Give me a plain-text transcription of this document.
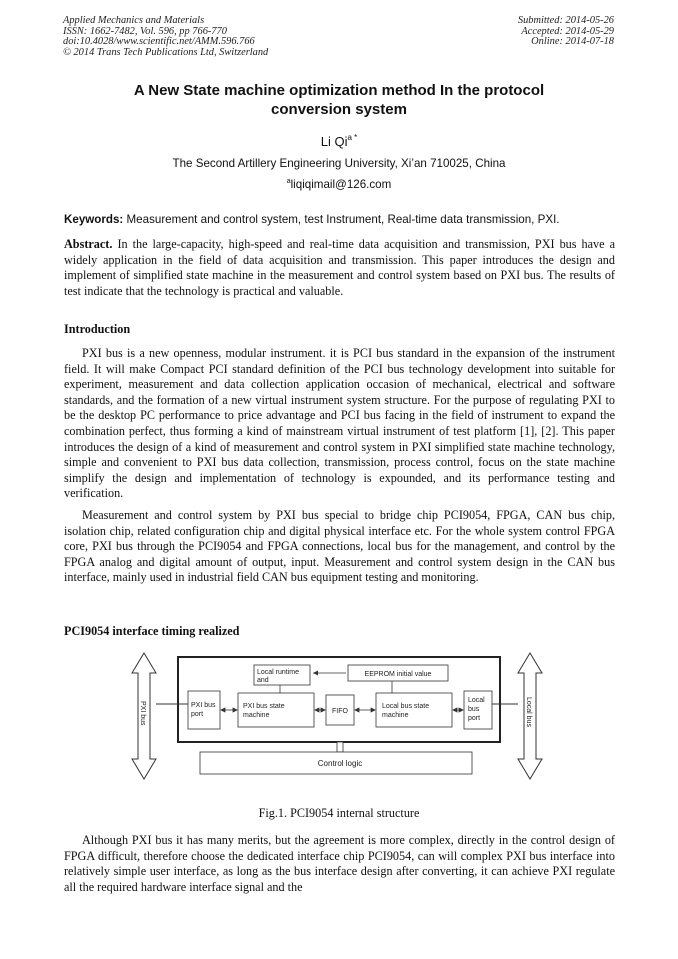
Applied Mechanics and Materials
ISSN: 1662-7482, Vol. 596, pp 766-770
doi:10.4028/www.scientific.net/AMM.596.766
© 2014 Trans Tech Publications Ltd, Switzerland
Submitted: 2014-05-26
Accepted: 2014-05-29
Online: 2014-07-18
A New State machine optimization method In the protocol
conversion system
Li $Qi^{a *}$
The Second Artillery Engineering University, Xi’an 710025, China
$^a$liqiqimail@126.com
Keywords: Measurement and control system, test Instrument, Real-time data transmission, PXI.
Abstract. In the large-capacity, high-speed and real-time data acquisition and transmission, PXI bus have a widely application in the field of data acquisition and transmission. This paper introduces the design and implement of simplified state machine in the measurement and control system based on PXI bus. The results of test indicate that the technology is practical and valuable.
Introduction
PXI bus is a new openness, modular instrument. it is PCI bus standard in the expansion of the instrument field. It will make Compact PCI standard definition of the PCI bus technology development into suitable for experiment, measurement and data collection application occasion of mechanical, electrical and software standards, and the formation of a new virtual instrument system structure. For the purpose of regulating PXI to be the desktop PC performance to price advantage and PCI bus facing in the field of instrument to expand the combination perfect, thus forming a kind of mainstream virtual instrument of test platform [1], [2]. This paper introduces the design of a kind of measurement and control system in PXI simplified state machine technology, simple and convenient to PXI bus data collection, transmission, process control, focus on the state machine simplify the design and implementation of technology is expounded, and its performance testing and verification.
Measurement and control system by PXI bus special to bridge chip PCI9054, FPGA, CAN bus chip, isolation chip, related configuration chip and digital physical interface etc. For the whole system control FPGA core, PXI bus through the PCI9054 and FPGA connections, local bus for the management, and control by the FPGA analog and digital amount of output, input. Measurement and control system design in the CAN bus interface, mainly used in industrial field CAN bus equipment testing and monitoring.
PCI9054 interface timing realized
PXI bus	Local bus
Local runtime
and
EEPROM initial value
PXI bus
port
PXI bus state
machine
FIFO
Local bus state
machine
Local
bus
port
Control logic
Fig.1. PCI9054 internal structure
Although PXI bus it has many merits, but the agreement is more complex, directly in the control design of FPGA difficult, therefore choose the dedicated interface chip PCI9054, can will complex PXI bus interface into relatively simple user interface, as long as the bus interface design after converting, it can achieve PXI regulate all the required hardware interface signal and the
